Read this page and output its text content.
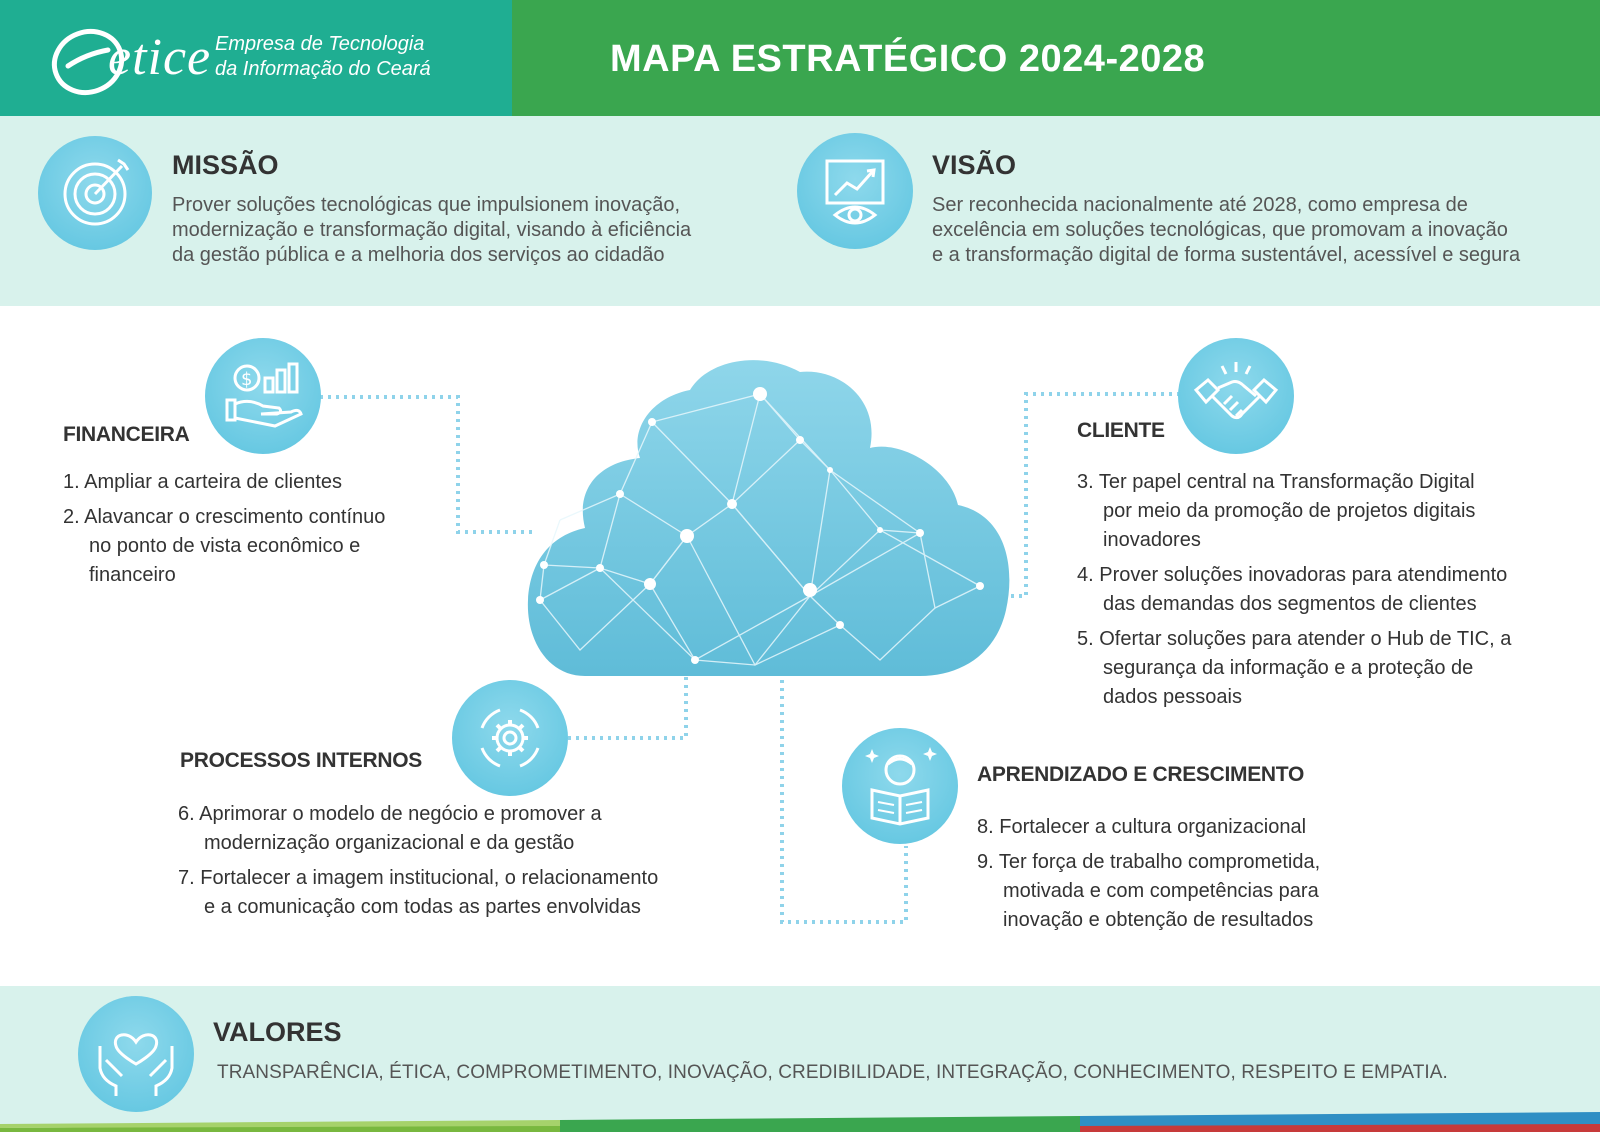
etice Empresa de Tecnologia
da Informação do Ceará	MAPA ESTRATÉGICO 2024-2028
MISSÃO
Prover soluções tecnológicas que impulsionem inovação,
modernização e transformação digital, visando à eficiência
da gestão pública e a melhoria dos serviços ao cidadão
VISÃO
Ser reconhecida nacionalmente até 2028, como empresa de
excelência em soluções tecnológicas, que promovam a inovação
e a transformação digital de forma sustentável, acessível e segura
$
FINANCEIRA
1. Ampliar a carteira de clientes
2. Alavancar o crescimento contínuo
no ponto de vista econômico e
financeiro
CLIENTE
3. Ter papel central na Transformação Digital
por meio da promoção de projetos digitais
inovadores
4. Prover soluções inovadoras para atendimento
das demandas dos segmentos de clientes
5. Ofertar soluções para atender o Hub de TIC, a
segurança da informação e a proteção de
dados pessoais
PROCESSOS INTERNOS
6. Aprimorar o modelo de negócio e promover a
modernização organizacional e da gestão
7. Fortalecer a imagem institucional, o relacionamento
e a comunicação com todas as partes envolvidas
APRENDIZADO E CRESCIMENTO
8. Fortalecer a cultura organizacional
9. Ter força de trabalho comprometida,
motivada e com competências para
inovação e obtenção de resultados
VALORES
TRANSPARÊNCIA, ÉTICA, COMPROMETIMENTO, INOVAÇÃO, CREDIBILIDADE, INTEGRAÇÃO, CONHECIMENTO, RESPEITO E EMPATIA.
